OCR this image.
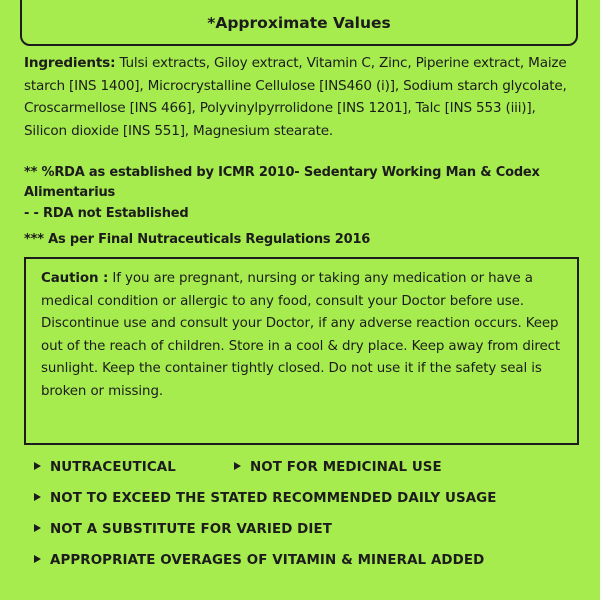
*Approximate Values
Ingredients: Tulsi extracts, Giloy extract, Vitamin C, Zinc, Piperine extract, Maize starch [INS 1400], Microcrystalline Cellulose [INS460 (i)], Sodium starch glycolate, Croscarmellose [INS 466], Polyvinylpyrrolidone [INS 1201], Talc [INS 553 (iii)], Silicon dioxide [INS 551], Magnesium stearate.
** %RDA as established by ICMR 2010- Sedentary Working Man & Codex Alimentarius
- - RDA not Established
*** As per Final Nutraceuticals Regulations 2016
Caution : If you are pregnant, nursing or taking any medication or have a medical condition or allergic to any food, consult your Doctor before use. Discontinue use and consult your Doctor, if any adverse reaction occurs. Keep out of the reach of children. Store in a cool & dry place. Keep away from direct sunlight. Keep the container tightly closed. Do not use it if the safety seal is broken or missing.
NUTRACEUTICAL	NOT FOR MEDICINAL USE
NOT TO EXCEED THE STATED RECOMMENDED DAILY USAGE
NOT A SUBSTITUTE FOR VARIED DIET
APPROPRIATE OVERAGES OF VITAMIN & MINERAL ADDED
